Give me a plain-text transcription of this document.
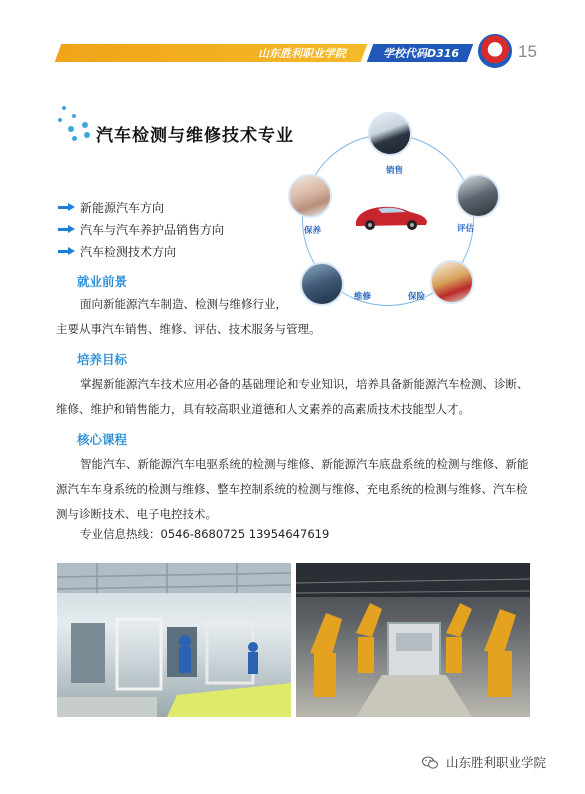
山东胜利职业学院	学校代码D316	15
汽车检测与维修技术专业
新能源汽车方向
汽车与汽车养护品销售方向
汽车检测技术方向
销售
评估
保险
维修
保养
就业前景
面向新能源汽车制造、检测与维修行业，
主要从事汽车销售、维修、评估、技术服务与管理。
培养目标
掌握新能源汽车技术应用必备的基础理论和专业知识，培养具备新能源汽车检测、诊断、
维修、维护和销售能力，具有较高职业道德和人文素养的高素质技术技能型人才。
核心课程
智能汽车、新能源汽车电驱系统的检测与维修、新能源汽车底盘系统的检测与维修、新能
源汽车车身系统的检测与维修、整车控制系统的检测与维修、充电系统的检测与维修、汽车检
测与诊断技术、电子电控技术。
专业信息热线：0546-8680725 13954647619
山东胜利职业学院
